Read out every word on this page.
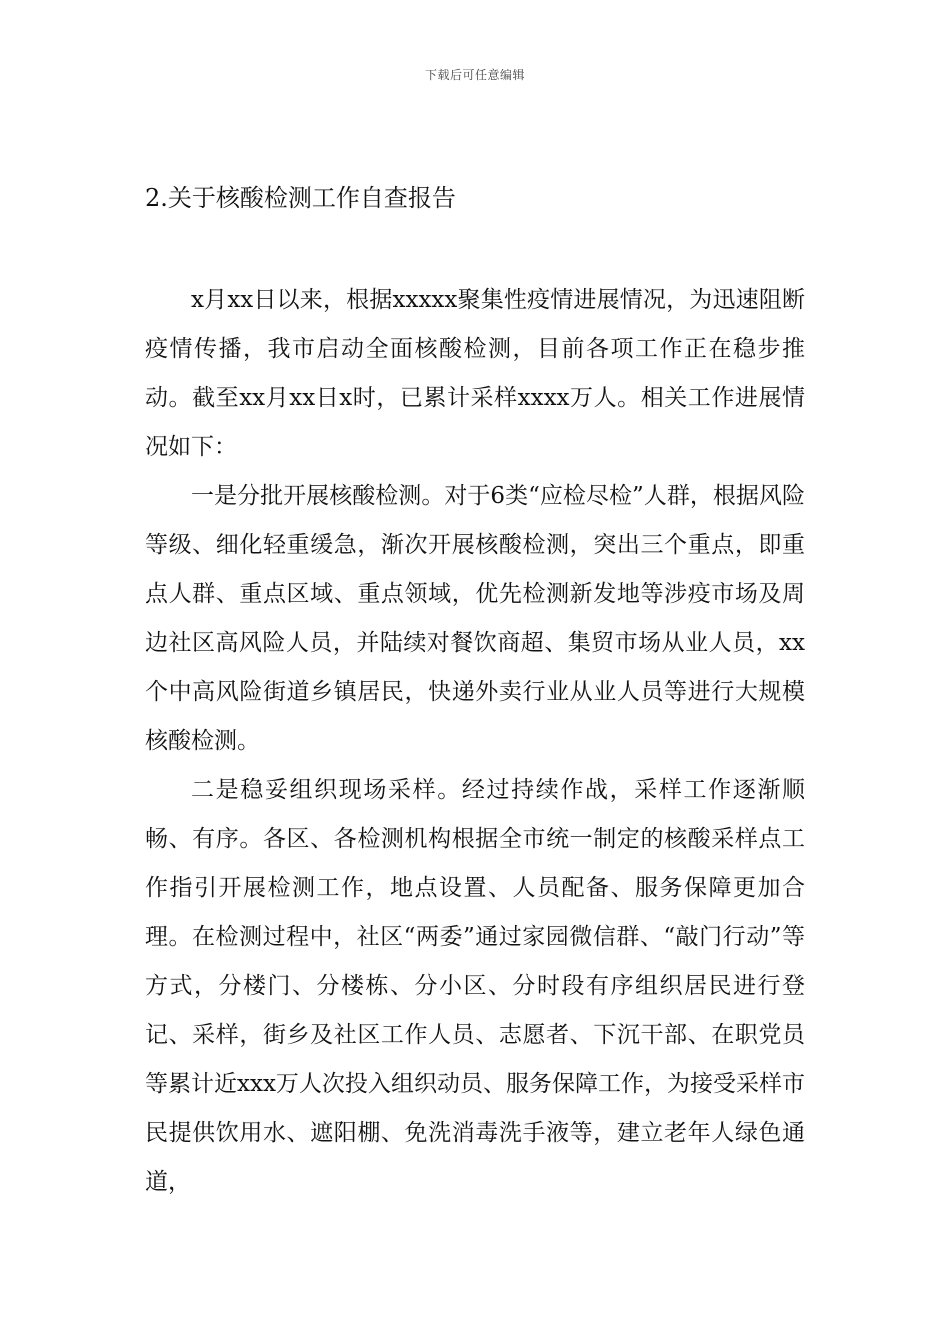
下载后可任意编辑
2.关于核酸检测工作自查报告

x月xx日以来，根据xxxxx聚集性疫情进展情况，为迅速阻断疫情传播，我市启动全面核酸检测，目前各项工作正在稳步推动。截至xx月xx日x时，已累计采样xxxx万人。相关工作进展情况如下：

一是分批开展核酸检测。对于6类“应检尽检”人群，根据风险等级、细化轻重缓急，渐次开展核酸检测，突出三个重点，即重点人群、重点区域、重点领域，优先检测新发地等涉疫市场及周边社区高风险人员，并陆续对餐饮商超、集贸市场从业人员，xx个中高风险街道乡镇居民，快递外卖行业从业人员等进行大规模核酸检测。

二是稳妥组织现场采样。经过持续作战，采样工作逐渐顺畅、有序。各区、各检测机构根据全市统一制定的核酸采样点工作指引开展检测工作，地点设置、人员配备、服务保障更加合理。在检测过程中，社区“两委”通过家园微信群、“敲门行动”等方式，分楼门、分楼栋、分小区、分时段有序组织居民进行登记、采样，街乡及社区工作人员、志愿者、下沉干部、在职党员等累计近xxx万人次投入组织动员、服务保障工作，为接受采样市民提供饮用水、遮阳棚、免洗消毒洗手液等，建立老年人绿色通道，
